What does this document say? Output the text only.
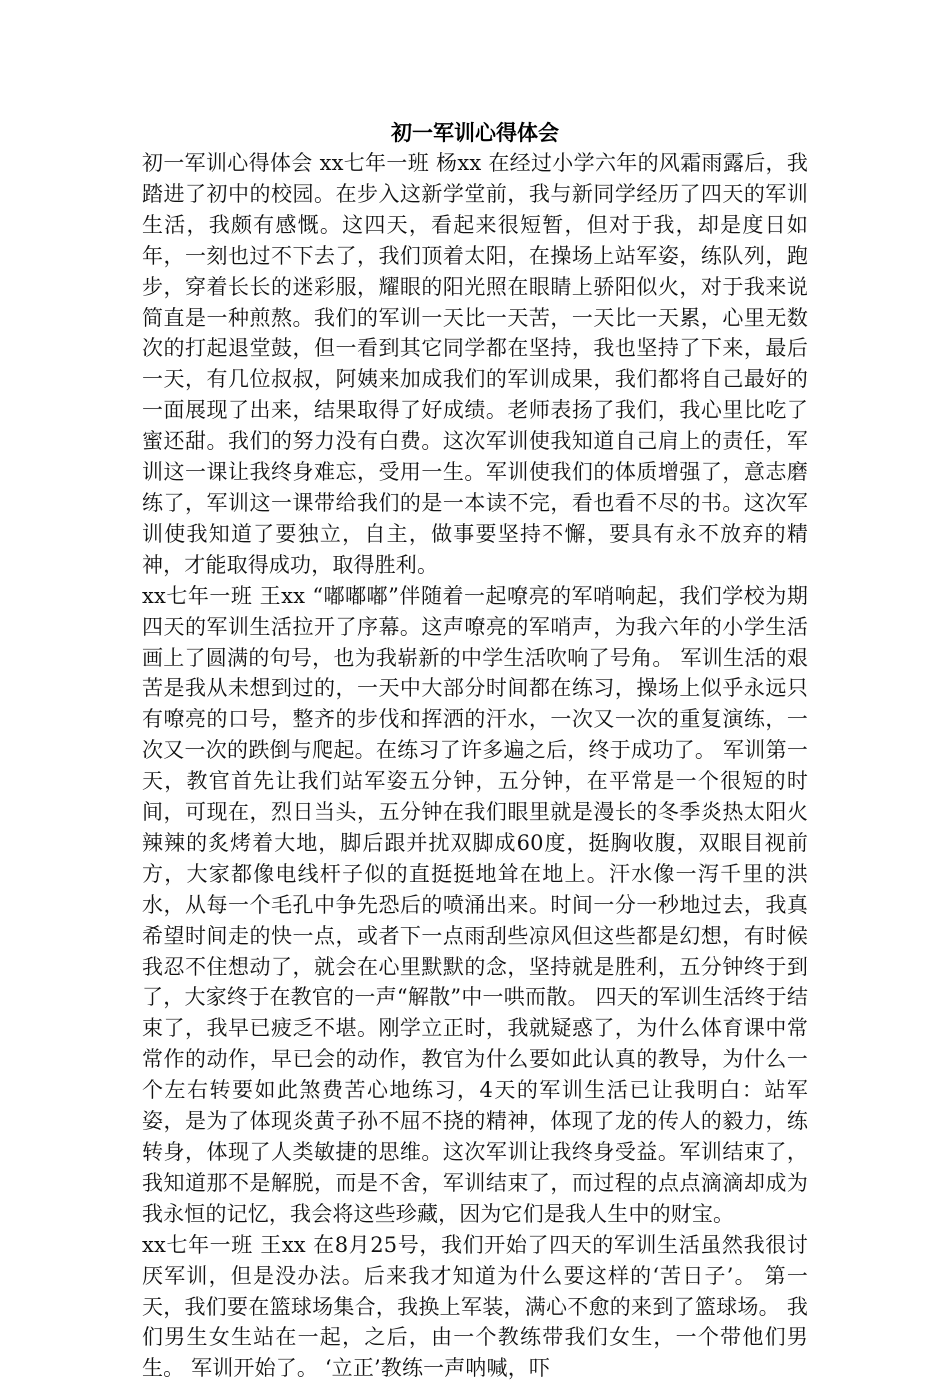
初一军训心得体会

初一军训心得体会 xx七年一班 杨xx 在经过小学六年的风霜雨露后，我踏进了初中的校园。在步入这新学堂前，我与新同学经历了四天的军训生活，我颇有感慨。这四天，看起来很短暂，但对于我，却是度日如年，一刻也过不下去了，我们顶着太阳，在操场上站军姿，练队列，跑步，穿着长长的迷彩服，耀眼的阳光照在眼睛上骄阳似火，对于我来说简直是一种煎熬。我们的军训一天比一天苦，一天比一天累，心里无数次的打起退堂鼓，但一看到其它同学都在坚持，我也坚持了下来，最后一天，有几位叔叔，阿姨来加成我们的军训成果，我们都将自己最好的一面展现了出来，结果取得了好成绩。老师表扬了我们，我心里比吃了蜜还甜。我们的努力没有白费。这次军训使我知道自己肩上的责任，军训这一课让我终身难忘，受用一生。军训使我们的体质增强了，意志磨练了，军训这一课带给我们的是一本读不完，看也看不尽的书。这次军训使我知道了要独立，自主，做事要坚持不懈，要具有永不放弃的精神，才能取得成功，取得胜利。

xx七年一班 王xx “嘟嘟嘟”伴随着一起嘹亮的军哨响起，我们学校为期四天的军训生活拉开了序幕。这声嘹亮的军哨声，为我六年的小学生活画上了圆满的句号，也为我崭新的中学生活吹响了号角。 军训生活的艰苦是我从未想到过的，一天中大部分时间都在练习，操场上似乎永远只有嘹亮的口号，整齐的步伐和挥洒的汗水，一次又一次的重复演练，一次又一次的跌倒与爬起。在练习了许多遍之后，终于成功了。 军训第一天，教官首先让我们站军姿五分钟，五分钟，在平常是一个很短的时间，可现在，烈日当头，五分钟在我们眼里就是漫长的冬季炎热太阳火辣辣的炙烤着大地，脚后跟并扰双脚成60度，挺胸收腹，双眼目视前方，大家都像电线杆子似的直挺挺地耸在地上。汗水像一泻千里的洪水，从每一个毛孔中争先恐后的喷涌出来。时间一分一秒地过去，我真希望时间走的快一点，或者下一点雨刮些凉风但这些都是幻想，有时候我忍不住想动了，就会在心里默默的念，坚持就是胜利，五分钟终于到了，大家终于在教官的一声“解散”中一哄而散。 四天的军训生活终于结束了，我早已疲乏不堪。刚学立正时，我就疑惑了，为什么体育课中常常作的动作，早已会的动作，教官为什么要如此认真的教导，为什么一个左右转要如此煞费苦心地练习，4天的军训生活已让我明白：站军姿，是为了体现炎黄子孙不屈不挠的精神，体现了龙的传人的毅力，练转身，体现了人类敏捷的思维。这次军训让我终身受益。军训结束了，我知道那不是解脱，而是不舍，军训结束了，而过程的点点滴滴却成为我永恒的记忆，我会将这些珍藏，因为它们是我人生中的财宝。

xx七年一班 王xx 在8月25号，我们开始了四天的军训生活虽然我很讨厌军训，但是没办法。后来我才知道为什么要这样的‘苦日子’。 第一天，我们要在篮球场集合，我换上军装，满心不愈的来到了篮球场。 我们男生女生站在一起，之后，由一个教练带我们女生，一个带他们男生。 军训开始了。 ‘立正’教练一声呐喊，吓
